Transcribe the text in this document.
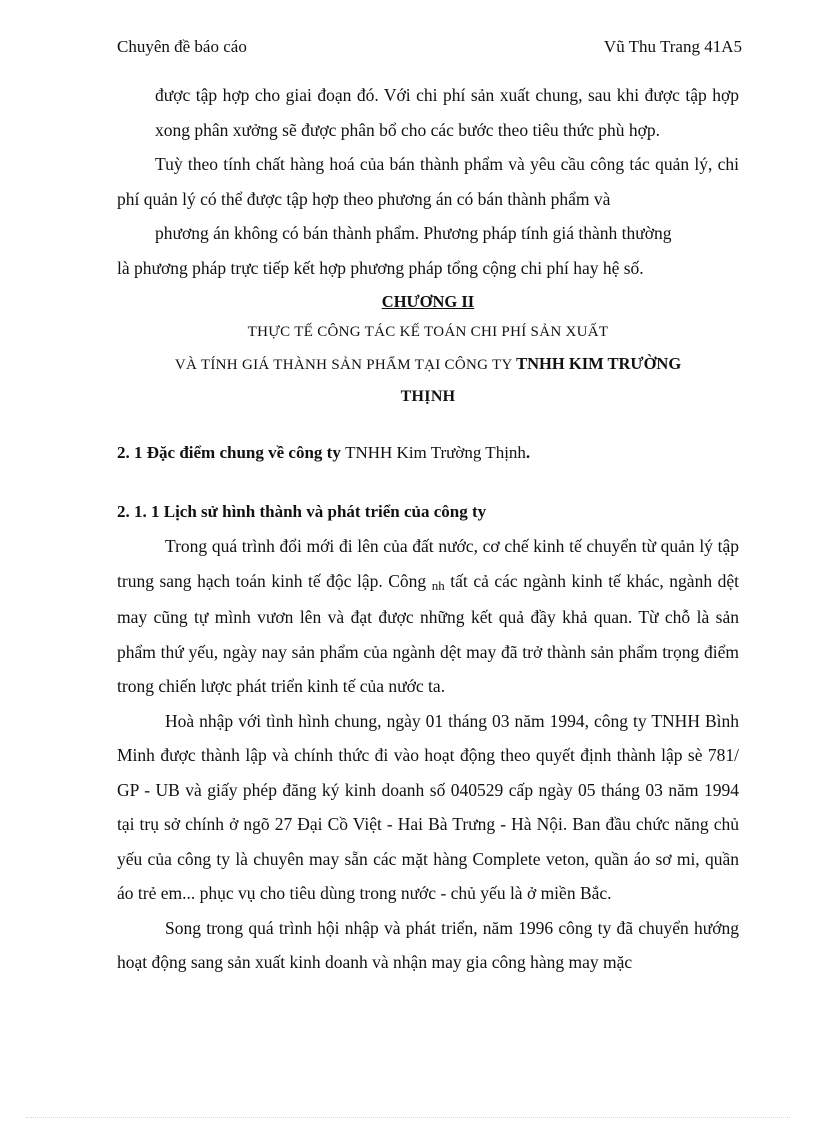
Chuyên đề báo cáo	Vũ Thu Trang 41A5

được tập hợp cho giai đoạn đó. Với chi phí sản xuất chung, sau khi được tập hợp xong phân xưởng sẽ được phân bổ cho các bước theo tiêu thức phù hợp.

Tuỳ theo tính chất hàng hoá của bán thành phẩm và yêu cầu công tác quản lý, chi phí quản lý có thể được tập hợp theo phương án có bán thành phẩm và

phương án không có bán thành phẩm. Phương pháp tính giá thành thường

là phương pháp trực tiếp kết hợp phương pháp tổng cộng chi phí hay hệ số.

CHƯƠNG II

THỰC TẾ CÔNG TÁC KẾ TOÁN CHI PHÍ SẢN XUẤT

VÀ TÍNH GIÁ THÀNH SẢN PHẨM TẠI CÔNG TY TNHH KIM TRƯỜNG

THỊNH

2. 1 Đặc điểm chung về công ty TNHH Kim Trường Thịnh.

2. 1. 1 Lịch sử hình thành và phát triển của công ty

Trong quá trình đổi mới đi lên của đất nước, cơ chế kinh tế chuyển từ quản lý tập trung sang hạch toán kinh tế độc lập. Công nh tất cả các ngành kinh tế khác, ngành dệt may cũng tự mình vươn lên và đạt được những kết quả đầy khả quan. Từ chỗ là sản phẩm thứ yếu, ngày nay sản phẩm của ngành dệt may đã trở thành sản phẩm trọng điểm trong chiến lược phát triển kinh tế của nước ta.

Hoà nhập với tình hình chung, ngày 01 tháng 03 năm 1994, công ty TNHH Bình Minh được thành lập và chính thức đi vào hoạt động theo quyết định thành lập sè 781/ GP - UB và giấy phép đăng ký kinh doanh số 040529 cấp ngày 05 tháng 03 năm 1994 tại trụ sở chính ở ngõ 27 Đại Cồ Việt - Hai Bà Trưng - Hà Nội. Ban đầu chức năng chủ yếu của công ty là chuyên may sẵn các mặt hàng Complete veton, quần áo sơ mi, quần áo trẻ em... phục vụ cho tiêu dùng trong nước - chủ yếu là ở miền Bắc.

Song trong quá trình hội nhập và phát triển, năm 1996 công ty đã chuyển hướng hoạt động sang sản xuất kinh doanh và nhận may gia công hàng may mặc
